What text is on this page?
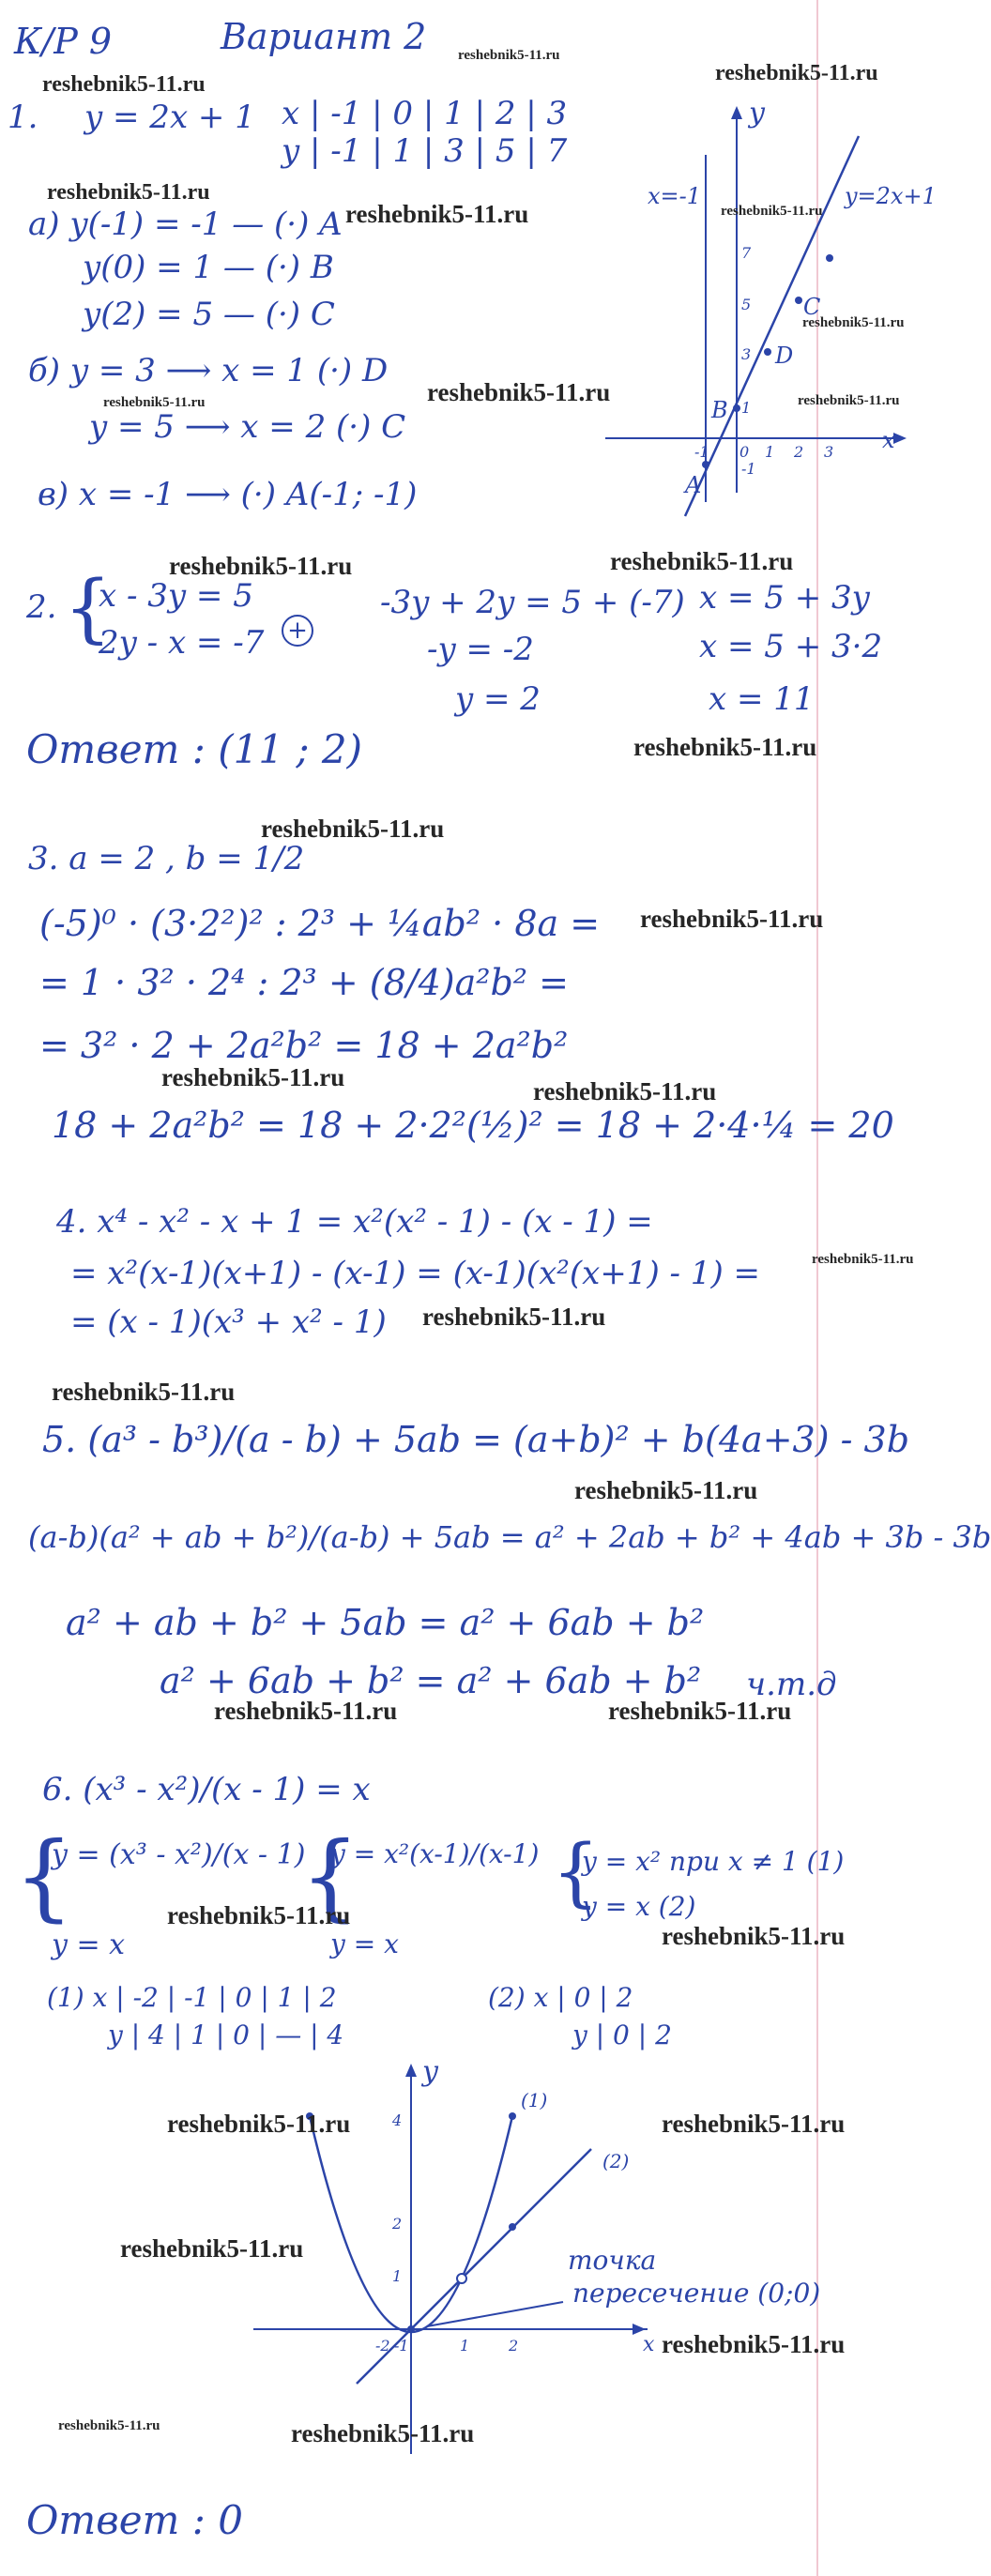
К/Р 9	Вариант 2 reshebnik5-11.ru
reshebnik5-11.ru	reshebnik5-11.ru
1. y = 2x + 1 x | -1 | 0 | 1 | 2 | 3
y | -1 | 1 | 3 | 5 | 7
reshebnik5-11.ru
а) y(-1) = -1 — (·) A reshebnik5-11.ru
y(0) = 1 — (·) B
y(2) = 5 — (·) C
б) y = 3 ⟶ x = 1 (·) D
reshebnik5-11.ru	reshebnik5-11.ru
y = 5 ⟶ x = 2 (·) C
в) x = -1 ⟶ (·) A(-1; -1)
y
x
y=2x+1
x=-1
A
B
C
D
-1 0 1 2 3
7
5
3
1
-1
reshebnik5-11.ru
reshebnik5-11.ru
reshebnik5-11.ru
reshebnik5-11.ru	reshebnik5-11.ru
2. {
x - 3y = 5
2y - x = -7 +
-3y + 2y = 5 + (-7)
-y = -2
y = 2
x = 5 + 3y
x = 5 + 3·2
x = 11
Ответ : (11 ; 2)	reshebnik5-11.ru
reshebnik5-11.ru
3. a = 2 , b = 1/2
(-5)⁰ · (3·2²)² : 2³ + ¼ab² · 8a = reshebnik5-11.ru
= 1 · 3² · 2⁴ : 2³ + (8/4)a²b² =
= 3² · 2 + 2a²b² = 18 + 2a²b²
reshebnik5-11.ru	reshebnik5-11.ru
18 + 2a²b² = 18 + 2·2²(½)² = 18 + 2·4·¼ = 20
4. x⁴ - x² - x + 1 = x²(x² - 1) - (x - 1) =
reshebnik5-11.ru
= x²(x-1)(x+1) - (x-1) = (x-1)(x²(x+1) - 1) =
= (x - 1)(x³ + x² - 1) reshebnik5-11.ru
reshebnik5-11.ru
5. (a³ - b³)/(a - b) + 5ab = (a+b)² + b(4a+3) - 3b
reshebnik5-11.ru
(a-b)(a² + ab + b²)/(a-b) + 5ab = a² + 2ab + b² + 4ab + 3b - 3b
a² + ab + b² + 5ab = a² + 6ab + b²
a² + 6ab + b² = a² + 6ab + b² ч.т.д
reshebnik5-11.ru	reshebnik5-11.ru
6. (x³ - x²)/(x - 1) = x
{
y = (x³ - x²)/(x - 1)
y = x
{
y = x²(x-1)/(x-1)
y = x
{
y = x² при x ≠ 1 (1)
y = x (2)
reshebnik5-11.ru
reshebnik5-11.ru
(1) x | -2 | -1 | 0 | 1 | 2
y | 4 | 1 | 0 | — | 4
(2) x | 0 | 2
y | 0 | 2
y
x
(1)
(2)
-2 -1	1	2
4
2
1
reshebnik5-11.ru	reshebnik5-11.ru
точка
пересечение (0;0)
reshebnik5-11.ru
reshebnik5-11.ru
reshebnik5-11.ru	reshebnik5-11.ru
Ответ : 0
